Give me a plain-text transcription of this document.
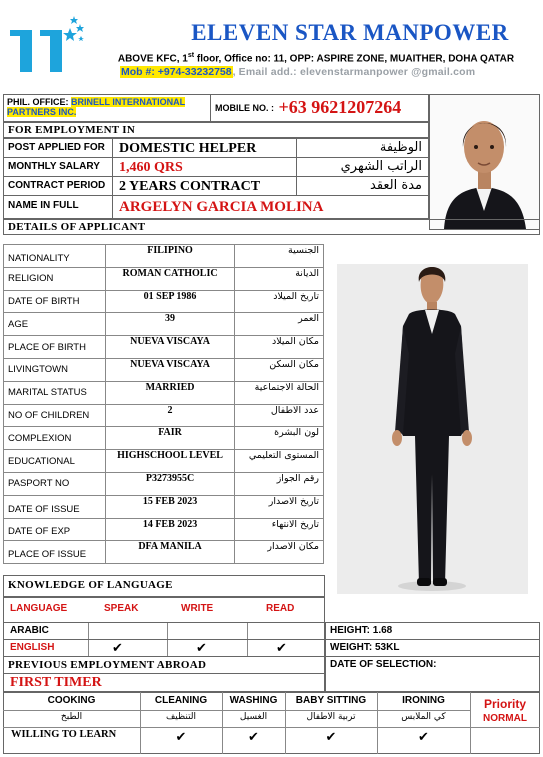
ELEVEN STAR MANPOWER
ABOVE KFC, 1st floor, Office no: 11, OPP: ASPIRE ZONE, MUAITHER, DOHA QATAR
Mob #: +974-33232758, Email add.: elevenstarmanpower @gmail.com
PHIL. OFFICE: BRINELL INTERNATIONAL PARTNERS INC.	MOBILE NO. : +63 9621207264
FOR EMPLOYMENT IN
POST APPLIED FOR DOMESTIC HELPER	الوظيفة
MONTHLY SALARY	1,460 QRS	الراتب الشهري
CONTRACT PERIOD 2 YEARS CONTRACT	مدة العقد
NAME IN FULL	ARGELYN GARCIA MOLINA
DETAILS OF APPLICANT
NATIONALITY	FILIPINO	الجنسية
RELIGION	ROMAN CATHOLIC	الديانة
DATE OF BIRTH	01 SEP 1986	تاريخ الميلاد
AGE	39	العمر
PLACE OF BIRTH	NUEVA VISCAYA	مكان الميلاد
LIVINGTOWN	NUEVA VISCAYA	مكان السكن
MARITAL STATUS	MARRIED	الحالة الاجتماعية
NO OF CHILDREN	2	عدد الاطفال
COMPLEXION	FAIR	لون البشرة
EDUCATIONAL	HIGHSCHOOL LEVEL	المستوى التعليمي
PASPORT NO	P3273955C	رقم الجواز
DATE OF ISSUE	15 FEB 2023	تاريخ الاصدار
DATE OF EXP	14 FEB 2023	تاريخ الانتهاء
PLACE OF ISSUE	DFA MANILA	مكان الاصدار
KNOWLEDGE OF LANGUAGE
LANGUAGE	SPEAK	WRITE	READ
ARABIC
ENGLISH	✔	✔	✔
HEIGHT: 1.68
WEIGHT: 53KL
DATE OF SELECTION:
PREVIOUS EMPLOYMENT ABROAD
FIRST TIMER
COOKING	CLEANING	WASHING	BABY SITTING	IRONING
الطبخ	التنظيف	الغسيل	تربية الاطفال	كي الملابس
WILLING TO LEARN	✔	✔	✔	✔
Priority
NORMAL
